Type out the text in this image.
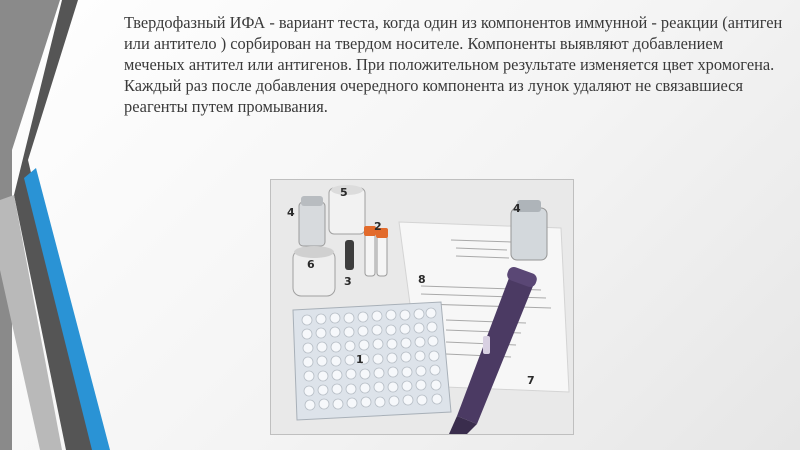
Твердофазный ИФА - вариант теста, когда один из компонентов иммунной - реакции (антиген или антитело ) сорбирован на твердом носителе. Компоненты выявляют добавлением меченых антител или антигенов. При положительном результате изменяется цвет хромогена. Каждый раз после добавления очередного компонента из лунок удаляют не связавшиеся реагенты путем промывания.

1
2
3
4	4
5
6
7
8
